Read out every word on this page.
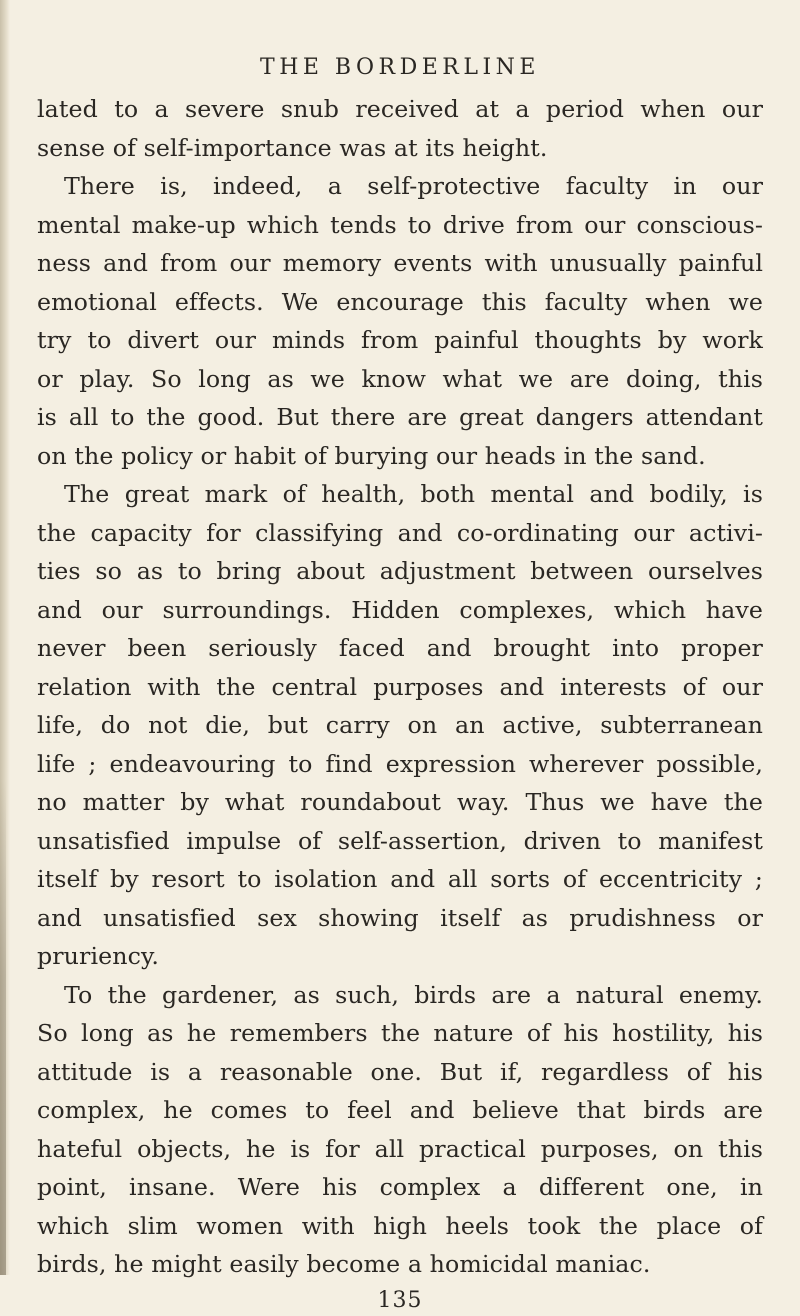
THE BORDERLINE
lated to a severe snub received at a period when our
sense of self-importance was at its height.
There is, indeed, a self-protective faculty in our
mental make-up which tends to drive from our conscious-
ness and from our memory events with unusually painful
emotional effects. We encourage this faculty when we
try to divert our minds from painful thoughts by work
or play. So long as we know what we are doing, this
is all to the good. But there are great dangers attendant
on the policy or habit of burying our heads in the sand.
The great mark of health, both mental and bodily, is
the capacity for classifying and co-ordinating our activi-
ties so as to bring about adjustment between ourselves
and our surroundings. Hidden complexes, which have
never been seriously faced and brought into proper
relation with the central purposes and interests of our
life, do not die, but carry on an active, subterranean
life ; endeavouring to find expression wherever possible,
no matter by what roundabout way. Thus we have the
unsatisfied impulse of self-assertion, driven to manifest
itself by resort to isolation and all sorts of eccentricity ;
and unsatisfied sex showing itself as prudishness or
pruriency.
To the gardener, as such, birds are a natural enemy.
So long as he remembers the nature of his hostility, his
attitude is a reasonable one. But if, regardless of his
complex, he comes to feel and believe that birds are
hateful objects, he is for all practical purposes, on this
point, insane. Were his complex a different one, in
which slim women with high heels took the place of
birds, he might easily become a homicidal maniac.
135
